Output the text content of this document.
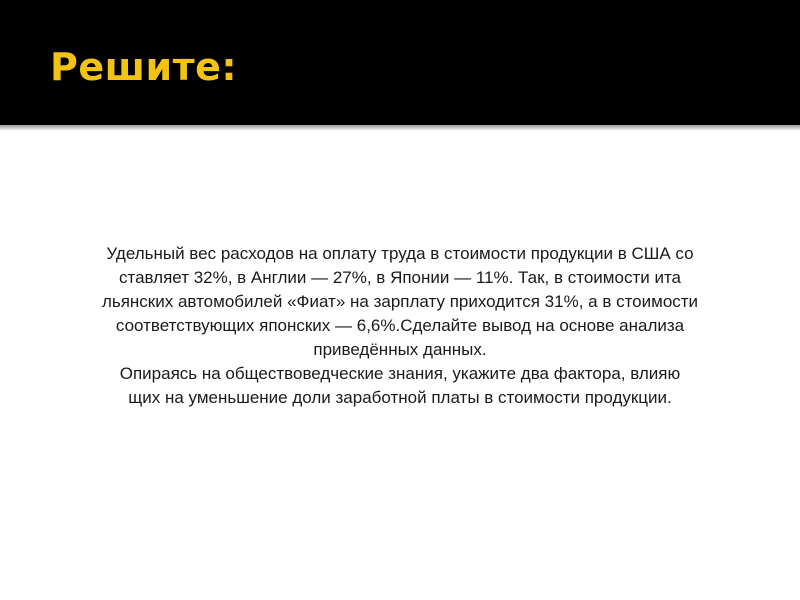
Решите:
Удельный вес расходов на оплату труда в стоимости продукции в США со
ставляет 32%, в Англии — 27%, в Японии — 11%. Так, в стоимости ита
льянских автомобилей «Фиат» на зарплату приходится 31%, а в стоимости
соответствующих японских — 6,6%.Сделайте вывод на основе анализа
приведённых данных.
Опираясь на обществоведческие знания, укажите два фактора, влияю
щих на уменьшение доли заработной платы в стоимости продукции.
